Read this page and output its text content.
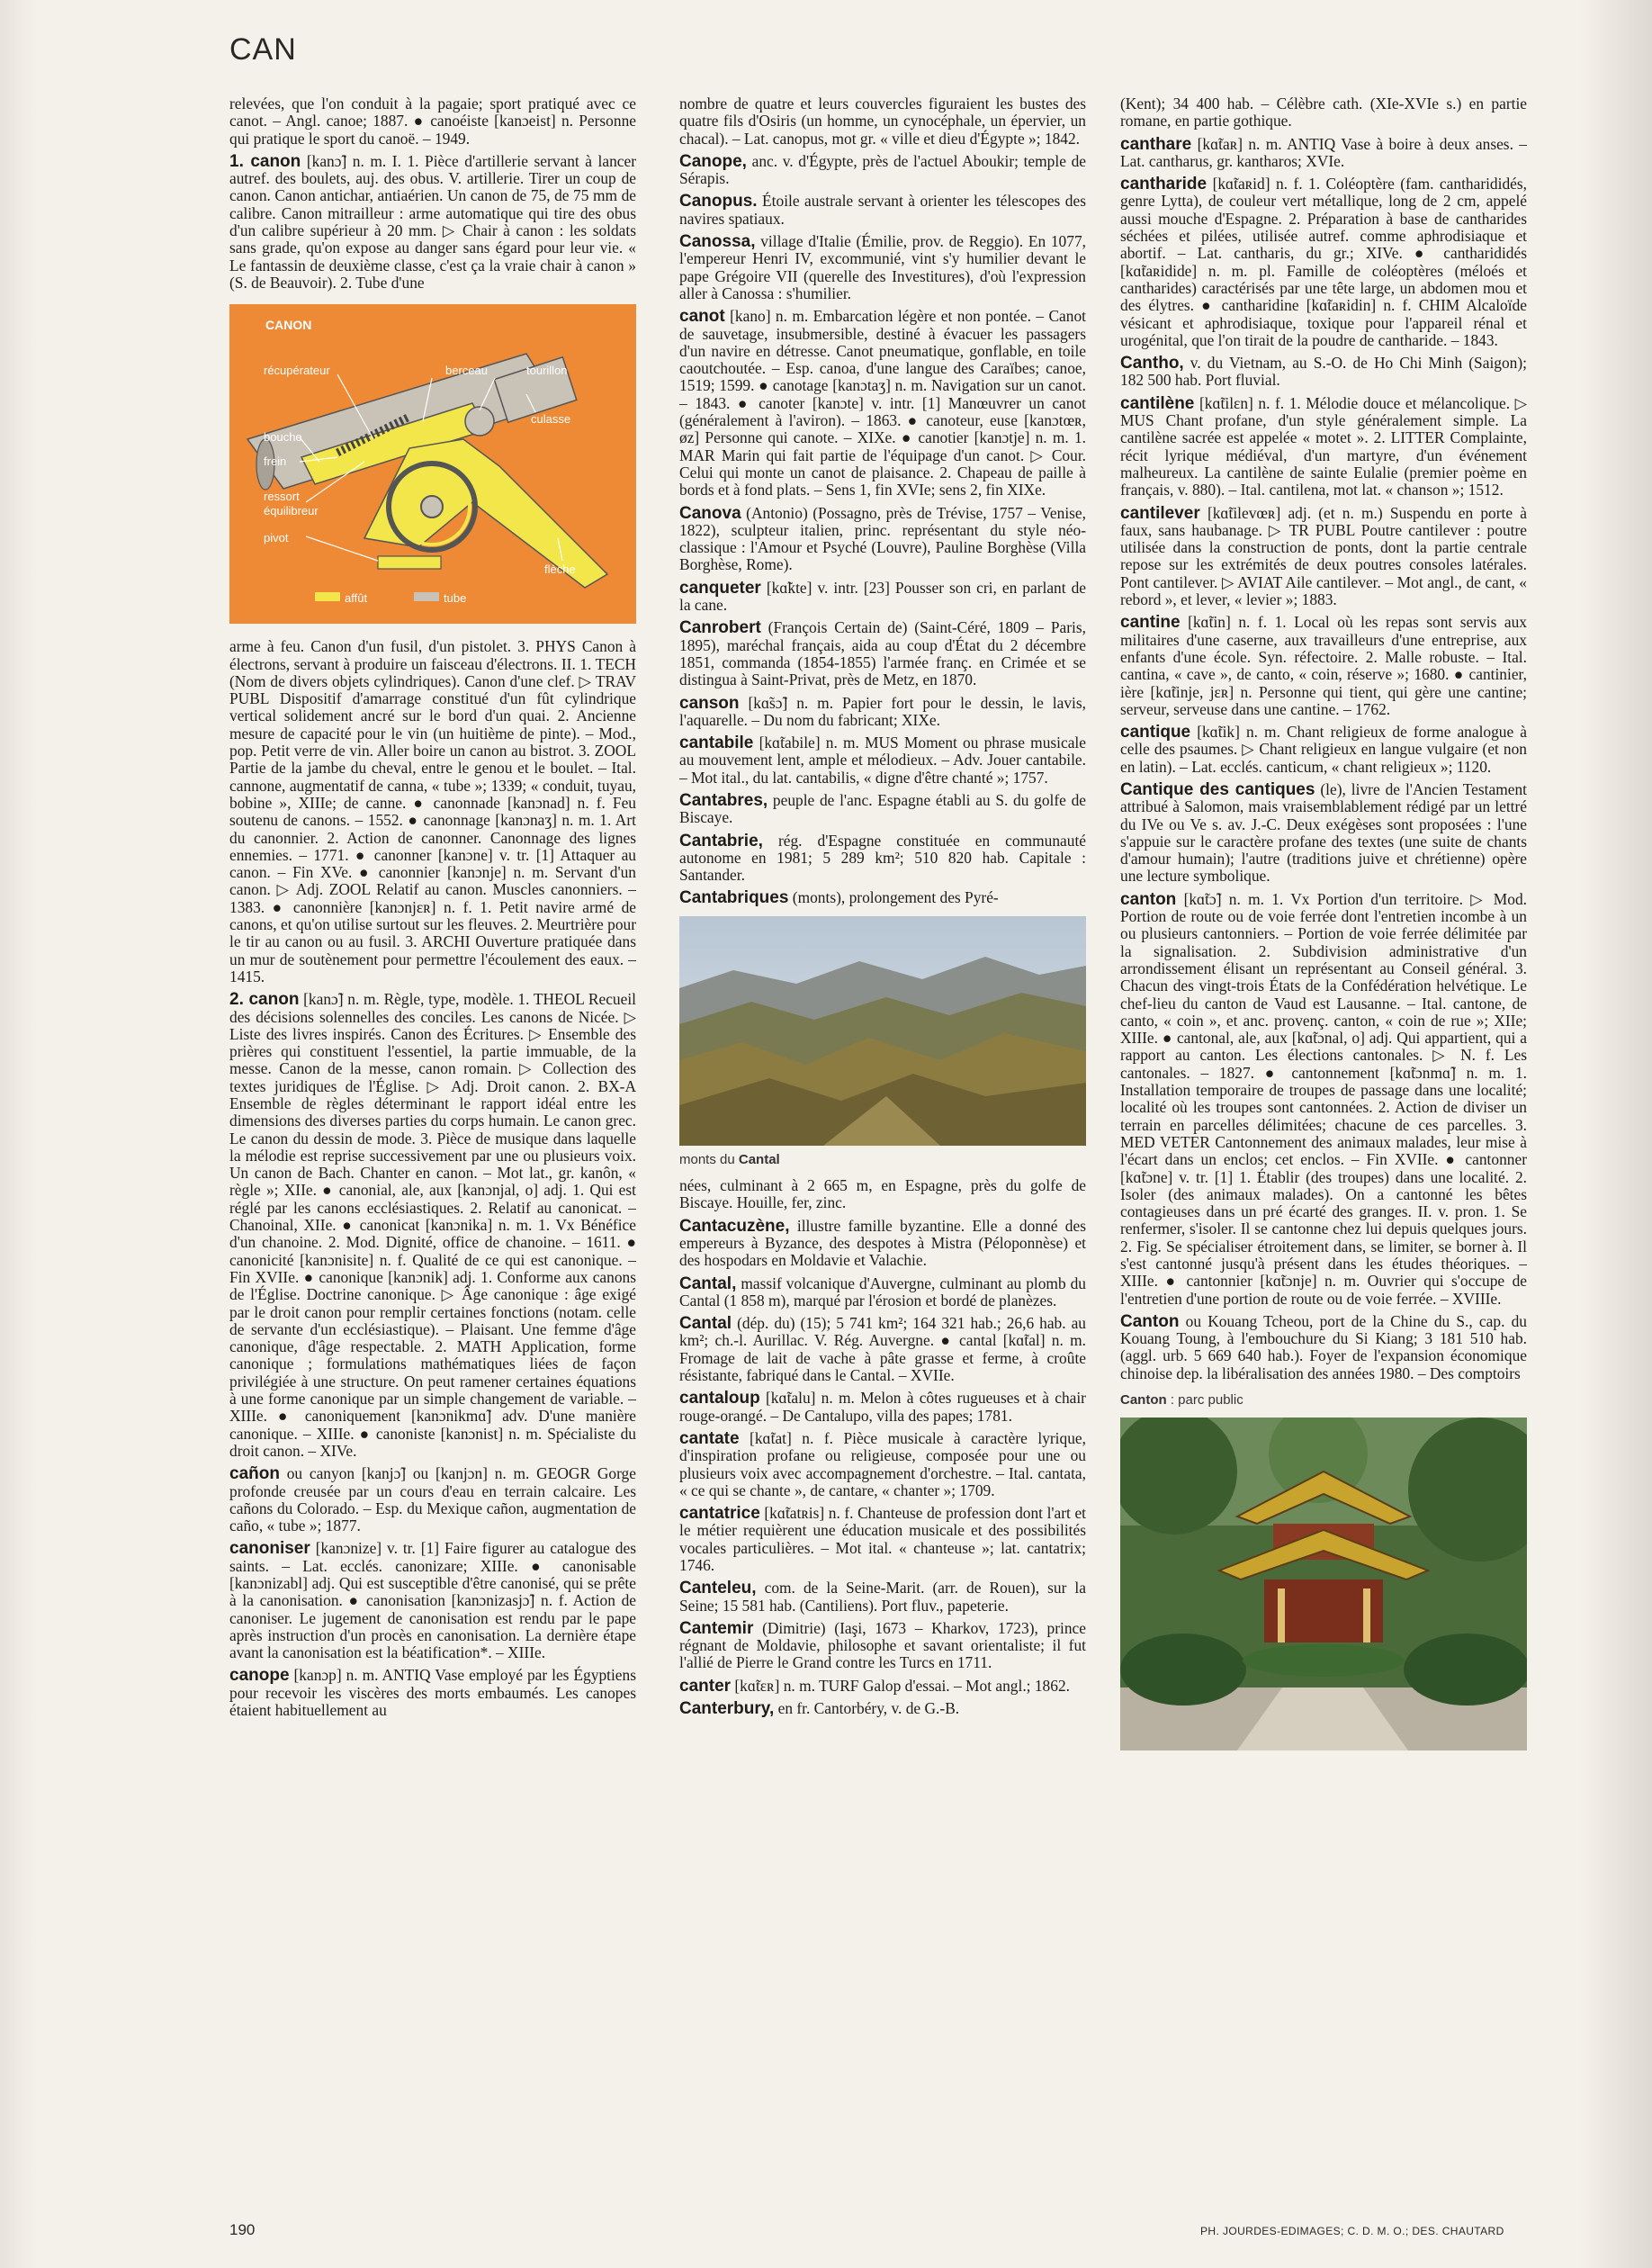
CAN

relevées, que l'on conduit à la pagaie; sport pratiqué avec ce canot. – Angl. canoe; 1887. ● canoéiste [kanɔeist] n. Personne qui pratique le sport du canoë. – 1949.

1. canon [kanɔ̃] n. m. I. 1. Pièce d'artillerie servant à lancer autref. des boulets, auj. des obus. V. artillerie. Tirer un coup de canon. Canon antichar, antiaérien. Un canon de 75, de 75 mm de calibre. Canon mitrailleur : arme automatique qui tire des obus d'un calibre supérieur à 20 mm. ▷ Chair à canon : les soldats sans grade, qu'on expose au danger sans égard pour leur vie. « Le fantassin de deuxième classe, c'est ça la vraie chair à canon » (S. de Beauvoir). 2. Tube d'une

CANON
récupérateur	berceau	tourillon
culasse
bouche
frein
ressort
équilibreur
pivot
flèche
affût	tube

arme à feu. Canon d'un fusil, d'un pistolet. 3. PHYS Canon à électrons, servant à produire un faisceau d'électrons. II. 1. TECH (Nom de divers objets cylindriques). Canon d'une clef. ▷ TRAV PUBL Dispositif d'amarrage constitué d'un fût cylindrique vertical solidement ancré sur le bord d'un quai. 2. Ancienne mesure de capacité pour le vin (un huitième de pinte). – Mod., pop. Petit verre de vin. Aller boire un canon au bistrot. 3. ZOOL Partie de la jambe du cheval, entre le genou et le boulet. – Ital. cannone, augmentatif de canna, « tube »; 1339; « conduit, tuyau, bobine », XIIIe; de canne. ● canonnade [kanɔnad] n. f. Feu soutenu de canons. – 1552. ● canonnage [kanɔnaʒ] n. m. 1. Art du canonnier. 2. Action de canonner. Canonnage des lignes ennemies. – 1771. ● canonner [kanɔne] v. tr. [1] Attaquer au canon. – Fin XVe. ● canonnier [kanɔnje] n. m. Servant d'un canon. ▷ Adj. ZOOL Relatif au canon. Muscles canonniers. – 1383. ● canonnière [kanɔnjɛʀ] n. f. 1. Petit navire armé de canons, et qu'on utilise surtout sur les fleuves. 2. Meurtrière pour le tir au canon ou au fusil. 3. ARCHI Ouverture pratiquée dans un mur de soutènement pour permettre l'écoulement des eaux. – 1415.

2. canon [kanɔ̃] n. m. Règle, type, modèle. 1. THEOL Recueil des décisions solennelles des conciles. Les canons de Nicée. ▷ Liste des livres inspirés. Canon des Écritures. ▷ Ensemble des prières qui constituent l'essentiel, la partie immuable, de la messe. Canon de la messe, canon romain. ▷ Collection des textes juridiques de l'Église. ▷ Adj. Droit canon. 2. BX-A Ensemble de règles déterminant le rapport idéal entre les dimensions des diverses parties du corps humain. Le canon grec. Le canon du dessin de mode. 3. Pièce de musique dans laquelle la mélodie est reprise successivement par une ou plusieurs voix. Un canon de Bach. Chanter en canon. – Mot lat., gr. kanôn, « règle »; XIIe. ● canonial, ale, aux [kanɔnjal, o] adj. 1. Qui est réglé par les canons ecclésiastiques. 2. Relatif au canonicat. – Chanoinal, XIIe. ● canonicat [kanɔnika] n. m. 1. Vx Bénéfice d'un chanoine. 2. Mod. Dignité, office de chanoine. – 1611. ● canonicité [kanɔnisite] n. f. Qualité de ce qui est canonique. – Fin XVIIe. ● canonique [kanɔnik] adj. 1. Conforme aux canons de l'Église. Doctrine canonique. ▷ Âge canonique : âge exigé par le droit canon pour remplir certaines fonctions (notam. celle de servante d'un ecclésiastique). – Plaisant. Une femme d'âge canonique, d'âge respectable. 2. MATH Application, forme canonique ; formulations mathématiques liées de façon privilégiée à une structure. On peut ramener certaines équations à une forme canonique par un simple changement de variable. – XIIIe. ● canoniquement [kanɔnikmɑ̃] adv. D'une manière canonique. – XIIIe. ● canoniste [kanɔnist] n. m. Spécialiste du droit canon. – XIVe.

cañon ou canyon [kanjɔ̃] ou [kanjɔn] n. m. GEOGR Gorge profonde creusée par un cours d'eau en terrain calcaire. Les cañons du Colorado. – Esp. du Mexique cañon, augmentation de caño, « tube »; 1877.

canoniser [kanɔnize] v. tr. [1] Faire figurer au catalogue des saints. – Lat. ecclés. canonizare; XIIIe. ● canonisable [kanɔnizabl] adj. Qui est susceptible d'être canonisé, qui se prête à la canonisation. ● canonisation [kanɔnizasjɔ̃] n. f. Action de canoniser. Le jugement de canonisation est rendu par le pape après instruction d'un procès en canonisation. La dernière étape avant la canonisation est la béatification*. – XIIIe.

canope [kanɔp] n. m. ANTIQ Vase employé par les Égyptiens pour recevoir les viscères des morts embaumés. Les canopes étaient habituellement au

nombre de quatre et leurs couvercles figuraient les bustes des quatre fils d'Osiris (un homme, un cynocéphale, un épervier, un chacal). – Lat. canopus, mot gr. « ville et dieu d'Égypte »; 1842.

Canope, anc. v. d'Égypte, près de l'actuel Aboukir; temple de Sérapis.

Canopus. Étoile australe servant à orienter les télescopes des navires spatiaux.

Canossa, village d'Italie (Émilie, prov. de Reggio). En 1077, l'empereur Henri IV, excommunié, vint s'y humilier devant le pape Grégoire VII (querelle des Investitures), d'où l'expression aller à Canossa : s'humilier.

canot [kano] n. m. Embarcation légère et non pontée. – Canot de sauvetage, insubmersible, destiné à évacuer les passagers d'un navire en détresse. Canot pneumatique, gonflable, en toile caoutchoutée. – Esp. canoa, d'une langue des Caraïbes; canoe, 1519; 1599. ● canotage [kanɔtaʒ] n. m. Navigation sur un canot. – 1843. ● canoter [kanɔte] v. intr. [1] Manœuvrer un canot (généralement à l'aviron). – 1863. ● canoteur, euse [kanɔtœʀ, øz] Personne qui canote. – XIXe. ● canotier [kanɔtje] n. m. 1. MAR Marin qui fait partie de l'équipage d'un canot. ▷ Cour. Celui qui monte un canot de plaisance. 2. Chapeau de paille à bords et à fond plats. – Sens 1, fin XVIe; sens 2, fin XIXe.

Canova (Antonio) (Possagno, près de Trévise, 1757 – Venise, 1822), sculpteur italien, princ. représentant du style néo-classique : l'Amour et Psyché (Louvre), Pauline Borghèse (Villa Borghèse, Rome).

canqueter [kɑ̃kte] v. intr. [23] Pousser son cri, en parlant de la cane.

Canrobert (François Certain de) (Saint-Céré, 1809 – Paris, 1895), maréchal français, aida au coup d'État du 2 décembre 1851, commanda (1854-1855) l'armée franç. en Crimée et se distingua à Saint-Privat, près de Metz, en 1870.

canson [kɑ̃sɔ̃] n. m. Papier fort pour le dessin, le lavis, l'aquarelle. – Du nom du fabricant; XIXe.

cantabile [kɑ̃tabile] n. m. MUS Moment ou phrase musicale au mouvement lent, ample et mélodieux. – Adv. Jouer cantabile. – Mot ital., du lat. cantabilis, « digne d'être chanté »; 1757.

Cantabres, peuple de l'anc. Espagne établi au S. du golfe de Biscaye.

Cantabrie, rég. d'Espagne constituée en communauté autonome en 1981; 5 289 km²; 510 820 hab. Capitale : Santander.

Cantabriques (monts), prolongement des Pyré-

monts du Cantal

nées, culminant à 2 665 m, en Espagne, près du golfe de Biscaye. Houille, fer, zinc.

Cantacuzène, illustre famille byzantine. Elle a donné des empereurs à Byzance, des despotes à Mistra (Péloponnèse) et des hospodars en Moldavie et Valachie.

Cantal, massif volcanique d'Auvergne, culminant au plomb du Cantal (1 858 m), marqué par l'érosion et bordé de planèzes.

Cantal (dép. du) (15); 5 741 km²; 164 321 hab.; 26,6 hab. au km²; ch.-l. Aurillac. V. Rég. Auvergne. ● cantal [kɑ̃tal] n. m. Fromage de lait de vache à pâte grasse et ferme, à croûte résistante, fabriqué dans le Cantal. – XVIIe.

cantaloup [kɑ̃talu] n. m. Melon à côtes rugueuses et à chair rouge-orangé. – De Cantalupo, villa des papes; 1781.

cantate [kɑ̃tat] n. f. Pièce musicale à caractère lyrique, d'inspiration profane ou religieuse, composée pour une ou plusieurs voix avec accompagnement d'orchestre. – Ital. cantata, « ce qui se chante », de cantare, « chanter »; 1709.

cantatrice [kɑ̃tatʀis] n. f. Chanteuse de profession dont l'art et le métier requièrent une éducation musicale et des possibilités vocales particulières. – Mot ital. « chanteuse »; lat. cantatrix; 1746.

Canteleu, com. de la Seine-Marit. (arr. de Rouen), sur la Seine; 15 581 hab. (Cantiliens). Port fluv., papeterie.

Cantemir (Dimitrie) (Iaşi, 1673 – Kharkov, 1723), prince régnant de Moldavie, philosophe et savant orientaliste; il fut l'allié de Pierre le Grand contre les Turcs en 1711.

canter [kɑ̃tɛʀ] n. m. TURF Galop d'essai. – Mot angl.; 1862.

Canterbury, en fr. Cantorbéry, v. de G.-B.

(Kent); 34 400 hab. – Célèbre cath. (XIe-XVIe s.) en partie romane, en partie gothique.

canthare [kɑ̃taʀ] n. m. ANTIQ Vase à boire à deux anses. – Lat. cantharus, gr. kantharos; XVIe.

cantharide [kɑ̃taʀid] n. f. 1. Coléoptère (fam. cantharididés, genre Lytta), de couleur vert métallique, long de 2 cm, appelé aussi mouche d'Espagne. 2. Préparation à base de cantharides séchées et pilées, utilisée autref. comme aphrodisiaque et abortif. – Lat. cantharis, du gr.; XIVe. ● cantharididés [kɑ̃taʀidide] n. m. pl. Famille de coléoptères (méloés et cantharides) caractérisés par une tête large, un abdomen mou et des élytres. ● cantharidine [kɑ̃taʀidin] n. f. CHIM Alcaloïde vésicant et aphrodisiaque, toxique pour l'appareil rénal et urogénital, que l'on tirait de la poudre de cantharide. – 1843.

Cantho, v. du Vietnam, au S.-O. de Ho Chi Minh (Saigon); 182 500 hab. Port fluvial.

cantilène [kɑ̃tilɛn] n. f. 1. Mélodie douce et mélancolique. ▷ MUS Chant profane, d'un style généralement simple. La cantilène sacrée est appelée « motet ». 2. LITTER Complainte, récit lyrique médiéval, d'un martyre, d'un événement malheureux. La cantilène de sainte Eulalie (premier poème en français, v. 880). – Ital. cantilena, mot lat. « chanson »; 1512.

cantilever [kɑ̃tilevœʀ] adj. (et n. m.) Suspendu en porte à faux, sans haubanage. ▷ TR PUBL Poutre cantilever : poutre utilisée dans la construction de ponts, dont la partie centrale repose sur les extrémités de deux poutres consoles latérales. Pont cantilever. ▷ AVIAT Aile cantilever. – Mot angl., de cant, « rebord », et lever, « levier »; 1883.

cantine [kɑ̃tin] n. f. 1. Local où les repas sont servis aux militaires d'une caserne, aux travailleurs d'une entreprise, aux enfants d'une école. Syn. réfectoire. 2. Malle robuste. – Ital. cantina, « cave », de canto, « coin, réserve »; 1680. ● cantinier, ière [kɑ̃tinje, jɛʀ] n. Personne qui tient, qui gère une cantine; serveur, serveuse dans une cantine. – 1762.

cantique [kɑ̃tik] n. m. Chant religieux de forme analogue à celle des psaumes. ▷ Chant religieux en langue vulgaire (et non en latin). – Lat. ecclés. canticum, « chant religieux »; 1120.

Cantique des cantiques (le), livre de l'Ancien Testament attribué à Salomon, mais vraisemblablement rédigé par un lettré du IVe ou Ve s. av. J.-C. Deux exégèses sont proposées : l'une s'appuie sur le caractère profane des textes (une suite de chants d'amour humain); l'autre (traditions juive et chrétienne) opère une lecture symbolique.

canton [kɑ̃tɔ̃] n. m. 1. Vx Portion d'un territoire. ▷ Mod. Portion de route ou de voie ferrée dont l'entretien incombe à un ou plusieurs cantonniers. – Portion de voie ferrée délimitée par la signalisation. 2. Subdivision administrative d'un arrondissement élisant un représentant au Conseil général. 3. Chacun des vingt-trois États de la Confédération helvétique. Le chef-lieu du canton de Vaud est Lausanne. – Ital. cantone, de canto, « coin », et anc. provenç. canton, « coin de rue »; XIIe; XIIIe. ● cantonal, ale, aux [kɑ̃tɔnal, o] adj. Qui appartient, qui a rapport au canton. Les élections cantonales. ▷ N. f. Les cantonales. – 1827. ● cantonnement [kɑ̃tɔnmɑ̃] n. m. 1. Installation temporaire de troupes de passage dans une localité; localité où les troupes sont cantonnées. 2. Action de diviser un terrain en parcelles délimitées; chacune de ces parcelles. 3. MED VETER Cantonnement des animaux malades, leur mise à l'écart dans un enclos; cet enclos. – Fin XVIIe. ● cantonner [kɑ̃tɔne] v. tr. [1] 1. Établir (des troupes) dans une localité. 2. Isoler (des animaux malades). On a cantonné les bêtes contagieuses dans un pré écarté des granges. II. v. pron. 1. Se renfermer, s'isoler. Il se cantonne chez lui depuis quelques jours. 2. Fig. Se spécialiser étroitement dans, se limiter, se borner à. Il s'est cantonné jusqu'à présent dans les études théoriques. – XIIIe. ● cantonnier [kɑ̃tɔnje] n. m. Ouvrier qui s'occupe de l'entretien d'une portion de route ou de voie ferrée. – XVIIIe.

Canton ou Kouang Tcheou, port de la Chine du S., cap. du Kouang Toung, à l'embouchure du Si Kiang; 3 181 510 hab. (aggl. urb. 5 669 640 hab.). Foyer de l'expansion économique chinoise dep. la libéralisation des années 1980. – Des comptoirs

Canton : parc public
190	PH. JOURDES-EDIMAGES; C. D. M. O.; DES. CHAUTARD
